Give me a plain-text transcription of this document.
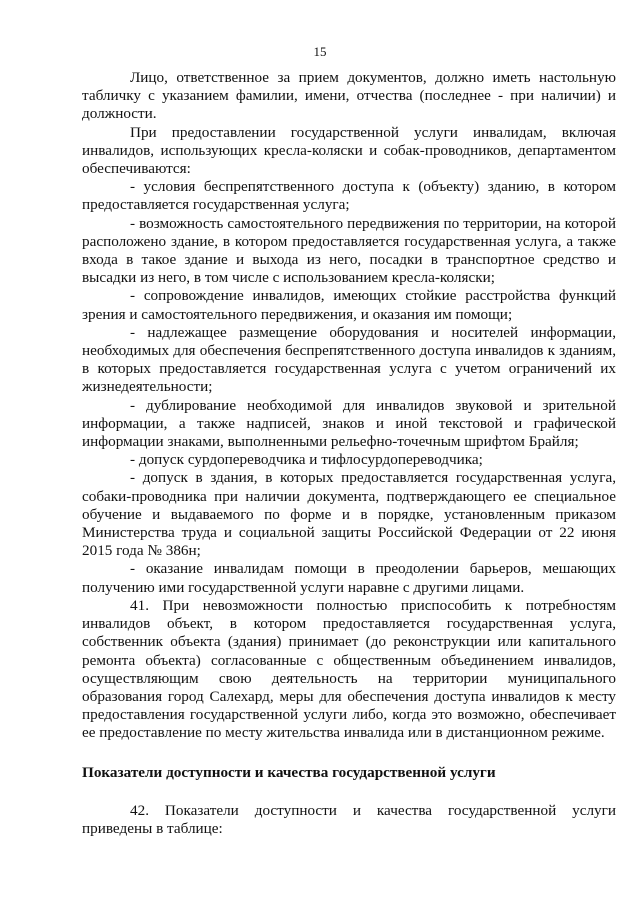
15

Лицо, ответственное за прием документов, должно иметь настольную табличку с указанием фамилии, имени, отчества (последнее - при наличии) и должности.

При предоставлении государственной услуги инвалидам, включая инвалидов, использующих кресла-коляски и собак-проводников, департаментом обеспечиваются:

- условия беспрепятственного доступа к (объекту) зданию, в котором предоставляется государственная услуга;

- возможность самостоятельного передвижения по территории, на которой расположено здание, в котором предоставляется государственная услуга, а также входа в такое здание и выхода из него, посадки в транспортное средство и высадки из него, в том числе с использованием кресла-коляски;

- сопровождение инвалидов, имеющих стойкие расстройства функций зрения и самостоятельного передвижения, и оказания им помощи;

- надлежащее размещение оборудования и носителей информации, необходимых для обеспечения беспрепятственного доступа инвалидов к зданиям, в которых предоставляется государственная услуга с учетом ограничений их жизнедеятельности;

- дублирование необходимой для инвалидов звуковой и зрительной информации, а также надписей, знаков и иной текстовой и графической информации знаками, выполненными рельефно-точечным шрифтом Брайля;

- допуск сурдопереводчика и тифлосурдопереводчика;

- допуск в здания, в которых предоставляется государственная услуга, собаки-проводника при наличии документа, подтверждающего ее специальное обучение и выдаваемого по форме и в порядке, установленным приказом Министерства труда и социальной защиты Российской Федерации от 22 июня 2015 года № 386н;

- оказание инвалидам помощи в преодолении барьеров, мешающих получению ими государственной услуги наравне с другими лицами.

41. При невозможности полностью приспособить к потребностям инвалидов объект, в котором предоставляется государственная услуга, собственник объекта (здания) принимает (до реконструкции или капитального ремонта объекта) согласованные с общественным объединением инвалидов, осуществляющим свою деятельность на территории муниципального образования город Салехард, меры для обеспечения доступа инвалидов к месту предоставления государственной услуги либо, когда это возможно, обеспечивает ее предоставление по месту жительства инвалида или в дистанционном режиме.

Показатели доступности и качества государственной услуги

42. Показатели доступности и качества государственной услуги приведены в таблице:
